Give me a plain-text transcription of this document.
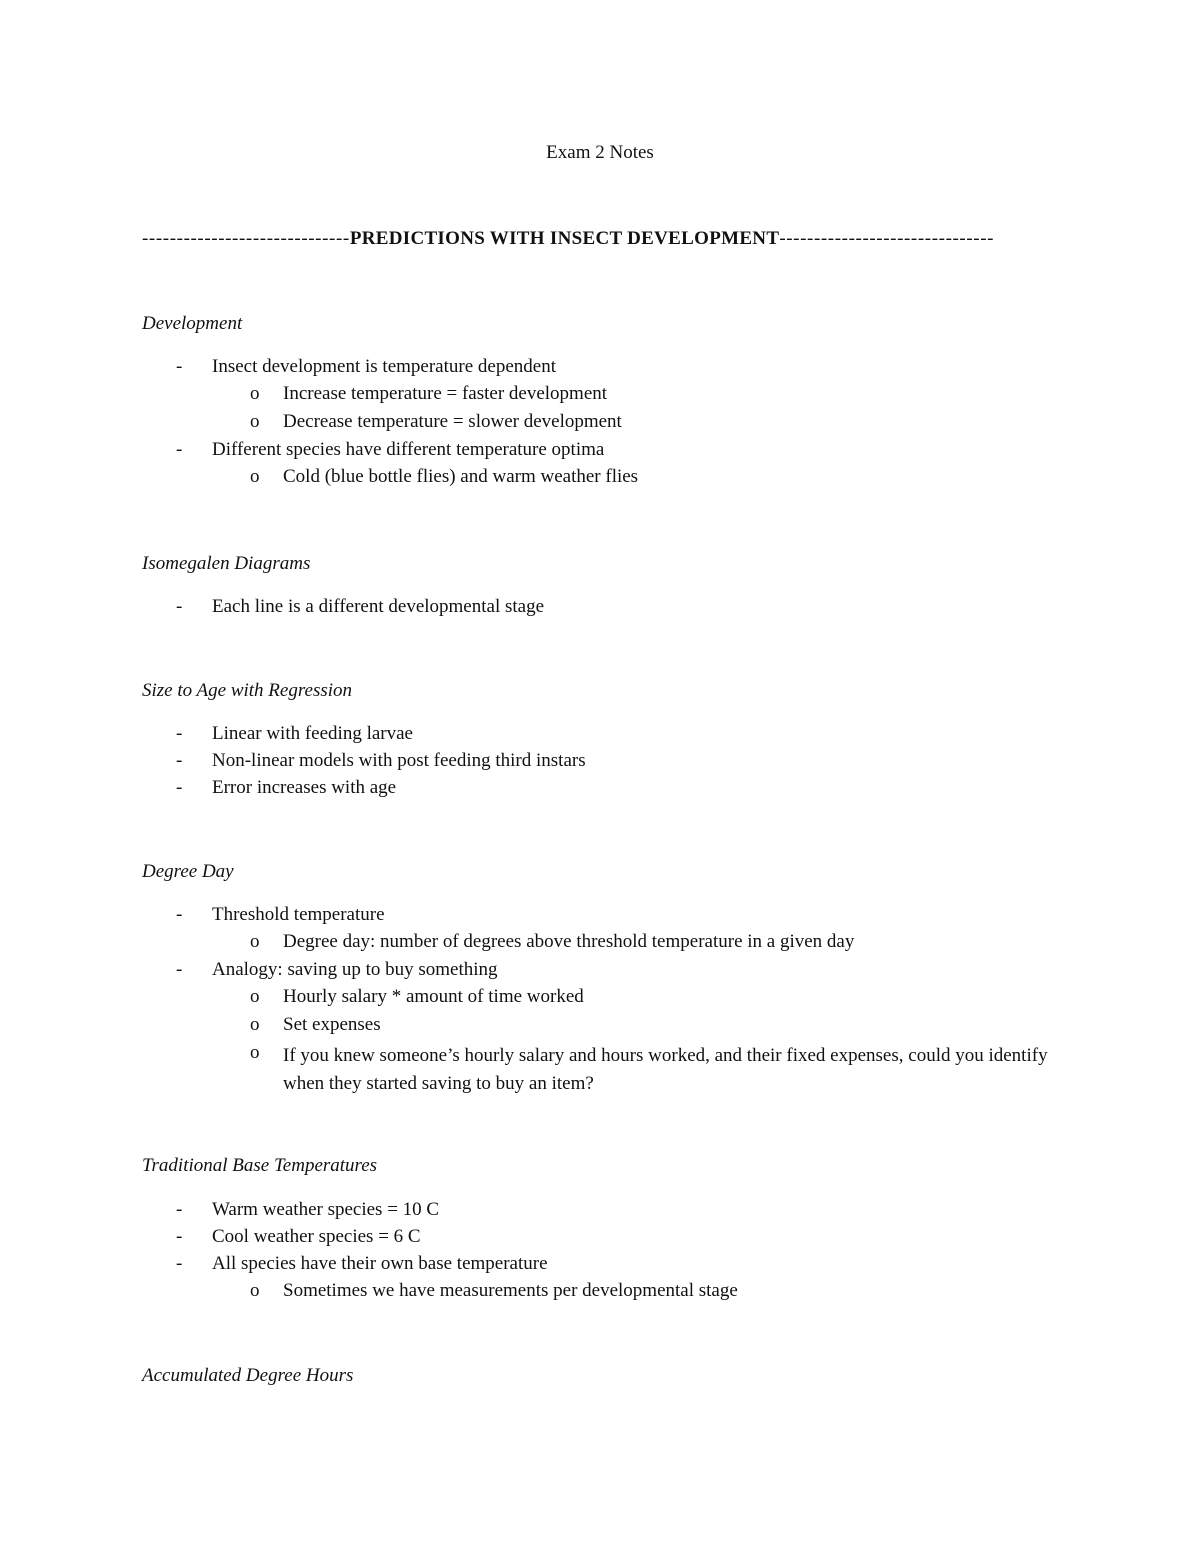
Exam 2 Notes
------------------------------PREDICTIONS WITH INSECT DEVELOPMENT-------------------------------
Development
- Insect development is temperature dependent
o Increase temperature = faster development
o Decrease temperature = slower development
- Different species have different temperature optima
o Cold (blue bottle flies) and warm weather flies
Isomegalen Diagrams
- Each line is a different developmental stage
Size to Age with Regression
- Linear with feeding larvae
- Non-linear models with post feeding third instars
- Error increases with age
Degree Day
- Threshold temperature
o Degree day: number of degrees above threshold temperature in a given day
- Analogy: saving up to buy something
o Hourly salary * amount of time worked
o Set expenses
o If you knew someone’s hourly salary and hours worked, and their fixed expenses, could you identify when they started saving to buy an item?
Traditional Base Temperatures
- Warm weather species = 10 C
- Cool weather species = 6 C
- All species have their own base temperature
o Sometimes we have measurements per developmental stage
Accumulated Degree Hours
